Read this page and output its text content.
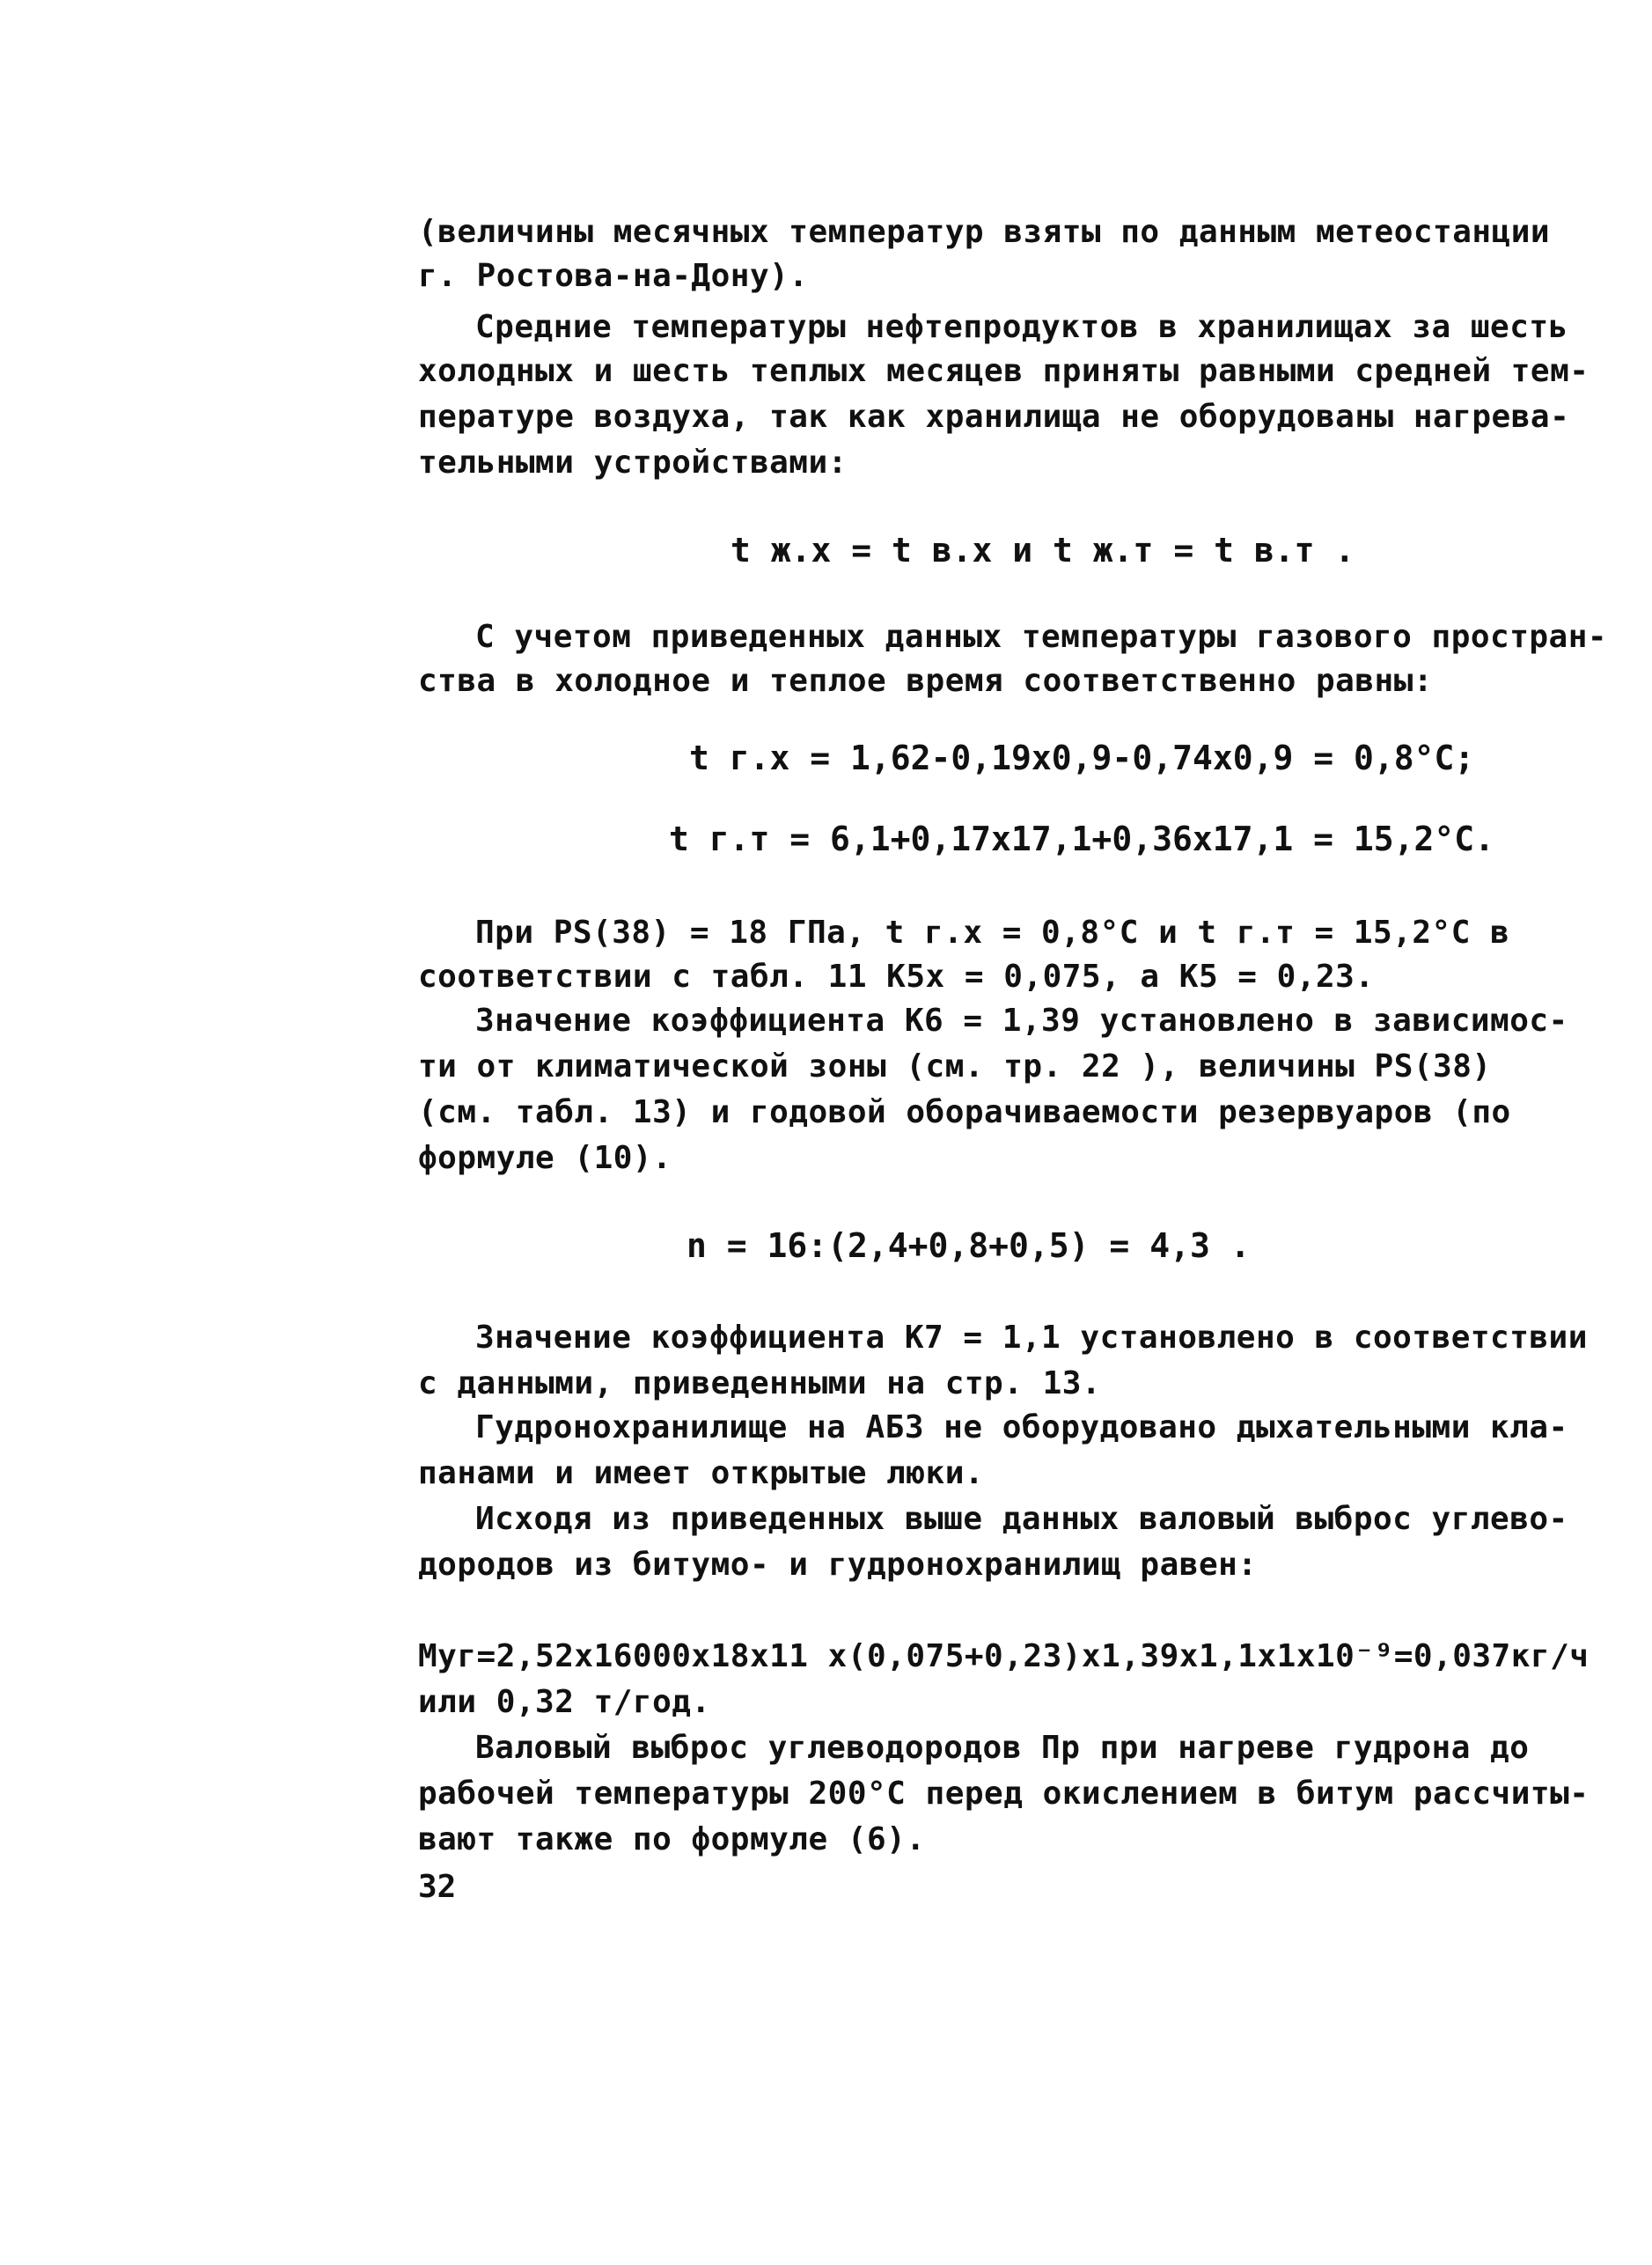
(величины месячных температур взяты по данным метеостанции
г. Ростова-на-Дону).
Средние температуры нефтепродуктов в хранилищах за шесть
холодных и шесть теплых месяцев приняты равными средней тем-
пературе воздуха, так как хранилища не оборудованы нагрева-
тельными устройствами:
t ж.х = t в.х и t ж.т = t в.т .
С учетом приведенных данных температуры газового простран-
ства в холодное и теплое время соответственно равны:
t г.х = 1,62-0,19x0,9-0,74x0,9 = 0,8°C;
t г.т = 6,1+0,17x17,1+0,36x17,1 = 15,2°C.
При PS(38) = 18 ГПа, t г.х = 0,8°C и t г.т = 15,2°C в
соответствии с табл. 11 K5х = 0,075, а K5 = 0,23.
Значение коэффициента K6 = 1,39 установлено в зависимос-
ти от климатической зоны (см. тр. 22 ), величины PS(38)
(см. табл. 13) и годовой оборачиваемости резервуаров (по
формуле (10).
n = 16:(2,4+0,8+0,5) = 4,3 .
Значение коэффициента K7 = 1,1 установлено в соответствии
с данными, приведенными на стр. 13.
Гудронохранилище на АБЗ не оборудовано дыхательными кла-
панами и имеет открытые люки.
Исходя из приведенных выше данных валовый выброс углево-
дородов из битумо- и гудронохранилищ равен:
Mуг=2,52x16000x18x11 x(0,075+0,23)x1,39x1,1x1x10⁻⁹=0,037кг/ч
или 0,32 т/год.
Валовый выброс углеводородов Пр при нагреве гудрона до
рабочей температуры 200°C перед окислением в битум рассчиты-
вают также по формуле (6).
32
